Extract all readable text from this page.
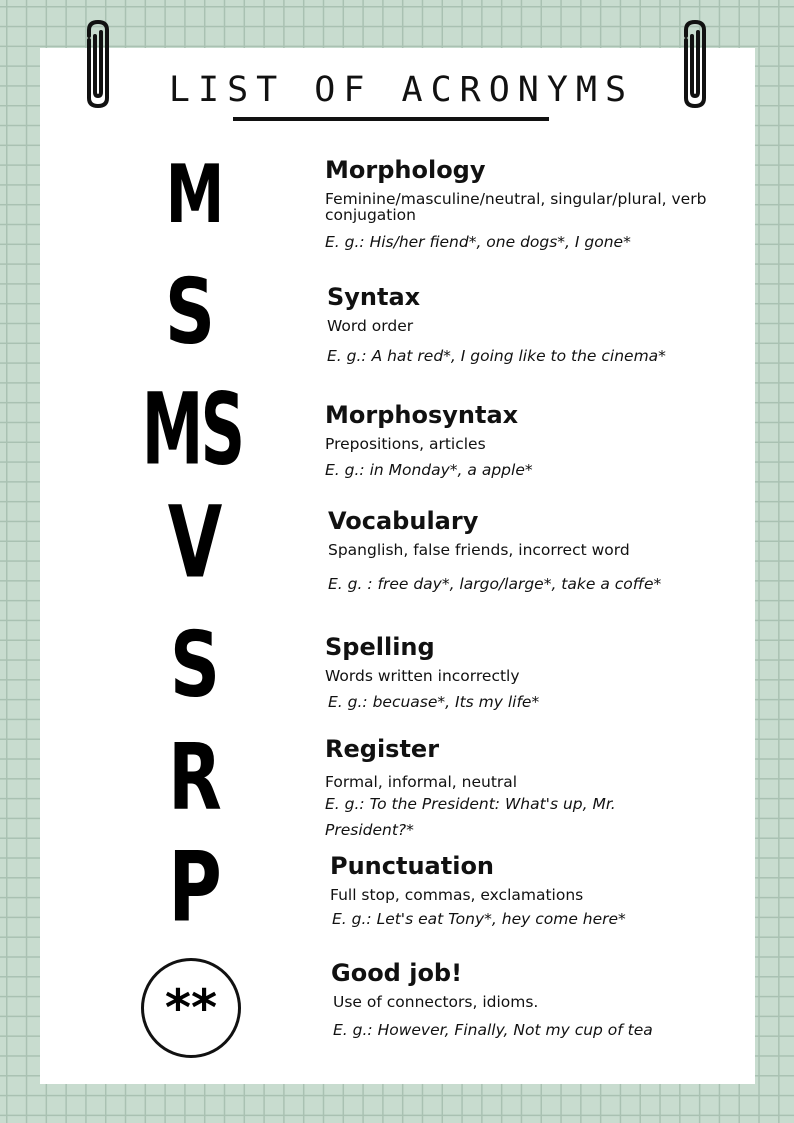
LIST OF ACRONYMS
M
S
MS
V
S
R
P
**
Morphology
Feminine/masculine/neutral, singular/plural, verb conjugation
E. g.: His/her fiend*, one dogs*, I gone*
Syntax
Word order
E. g.: A hat red*, I going like to the cinema*
Morphosyntax
Prepositions, articles
E. g.: in Monday*, a apple*
Vocabulary
Spanglish, false friends, incorrect word
E. g. : free day*, largo/large*, take a coffe*
Spelling
Words written incorrectly
E. g.: becuase*, Its my life*
Register
Formal, informal, neutral
E. g.: To the President: What's up, Mr. President?*
Punctuation
Full stop, commas, exclamations
E. g.: Let's eat Tony*, hey come here*
Good job!
Use of connectors, idioms.
E. g.: However, Finally, Not my cup of tea
